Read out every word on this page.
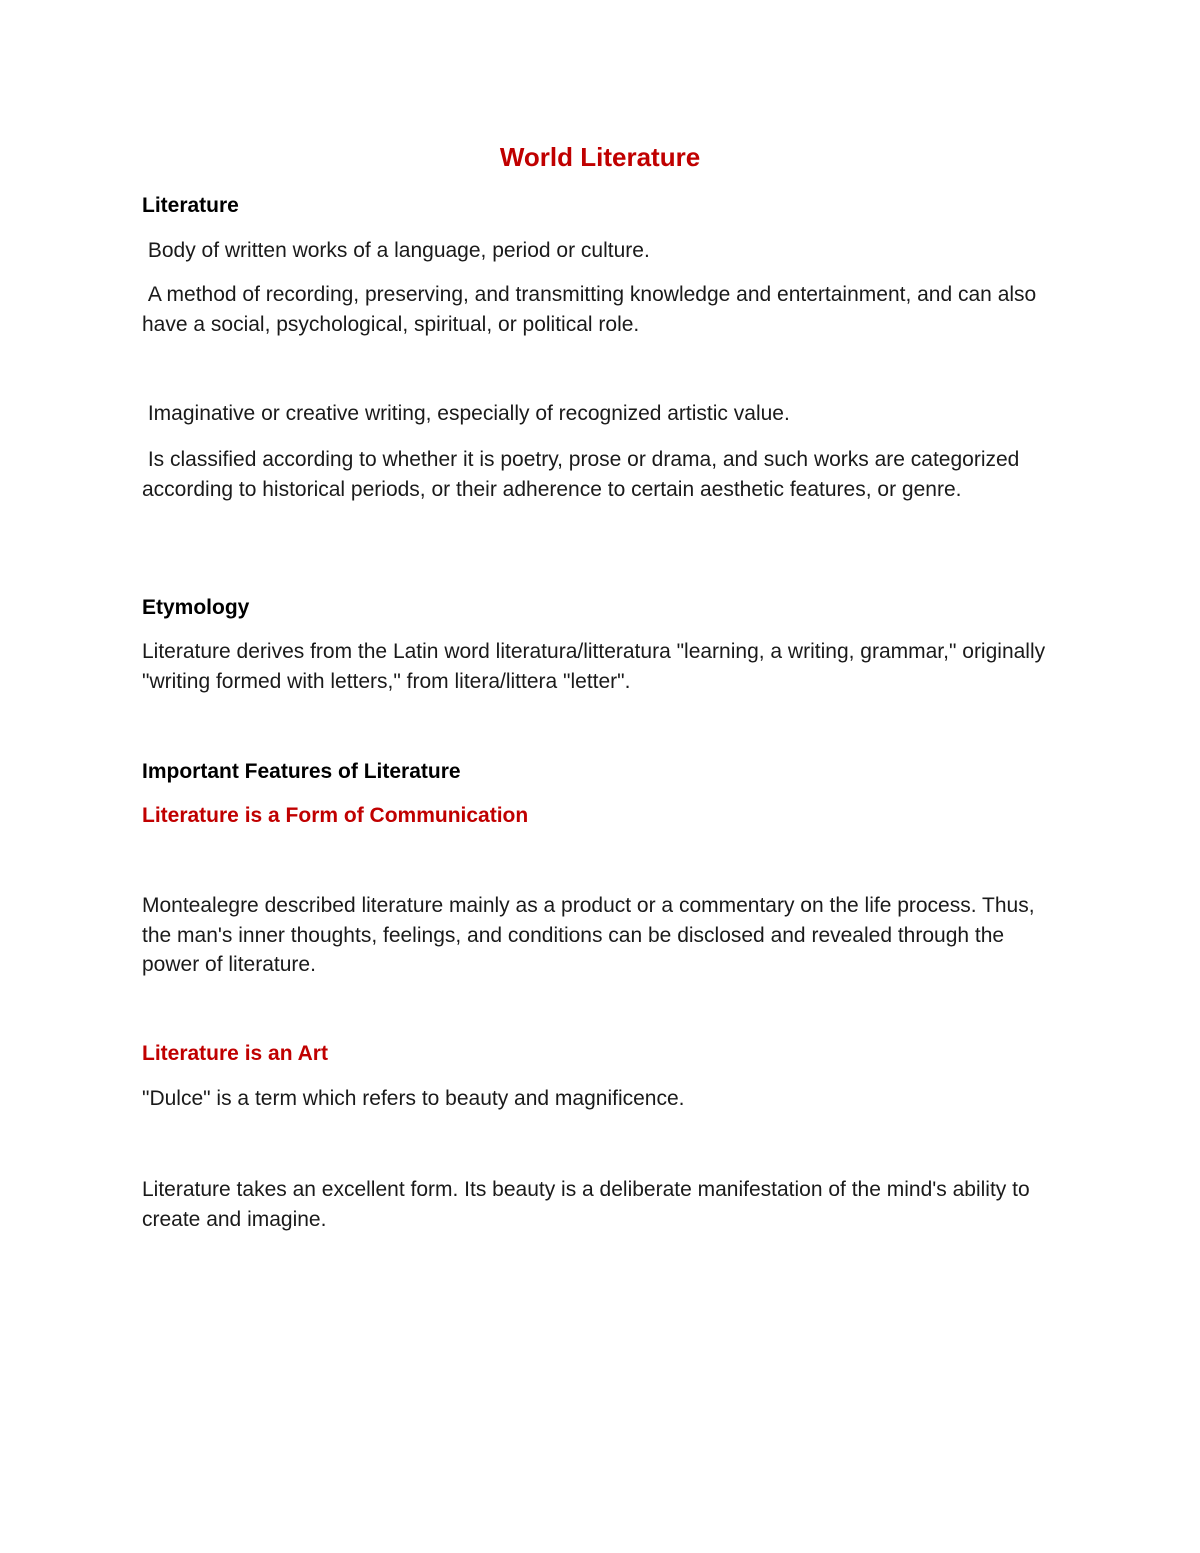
World Literature
Literature
Body of written works of a language, period or culture.
A method of recording, preserving, and transmitting knowledge and entertainment, and can also have a social, psychological, spiritual, or political role.
Imaginative or creative writing, especially of recognized artistic value.
Is classified according to whether it is poetry, prose or drama, and such works are categorized according to historical periods, or their adherence to certain aesthetic features, or genre.
Etymology
Literature derives from the Latin word literatura/litteratura "learning, a writing, grammar," originally "writing formed with letters," from litera/littera "letter".
Important Features of Literature
Literature is a Form of Communication
Montealegre described literature mainly as a product or a commentary on the life process. Thus, the man's inner thoughts, feelings, and conditions can be disclosed and revealed through the power of literature.
Literature is an Art
"Dulce" is a term which refers to beauty and magnificence.
Literature takes an excellent form. Its beauty is a deliberate manifestation of the mind's ability to create and imagine.
